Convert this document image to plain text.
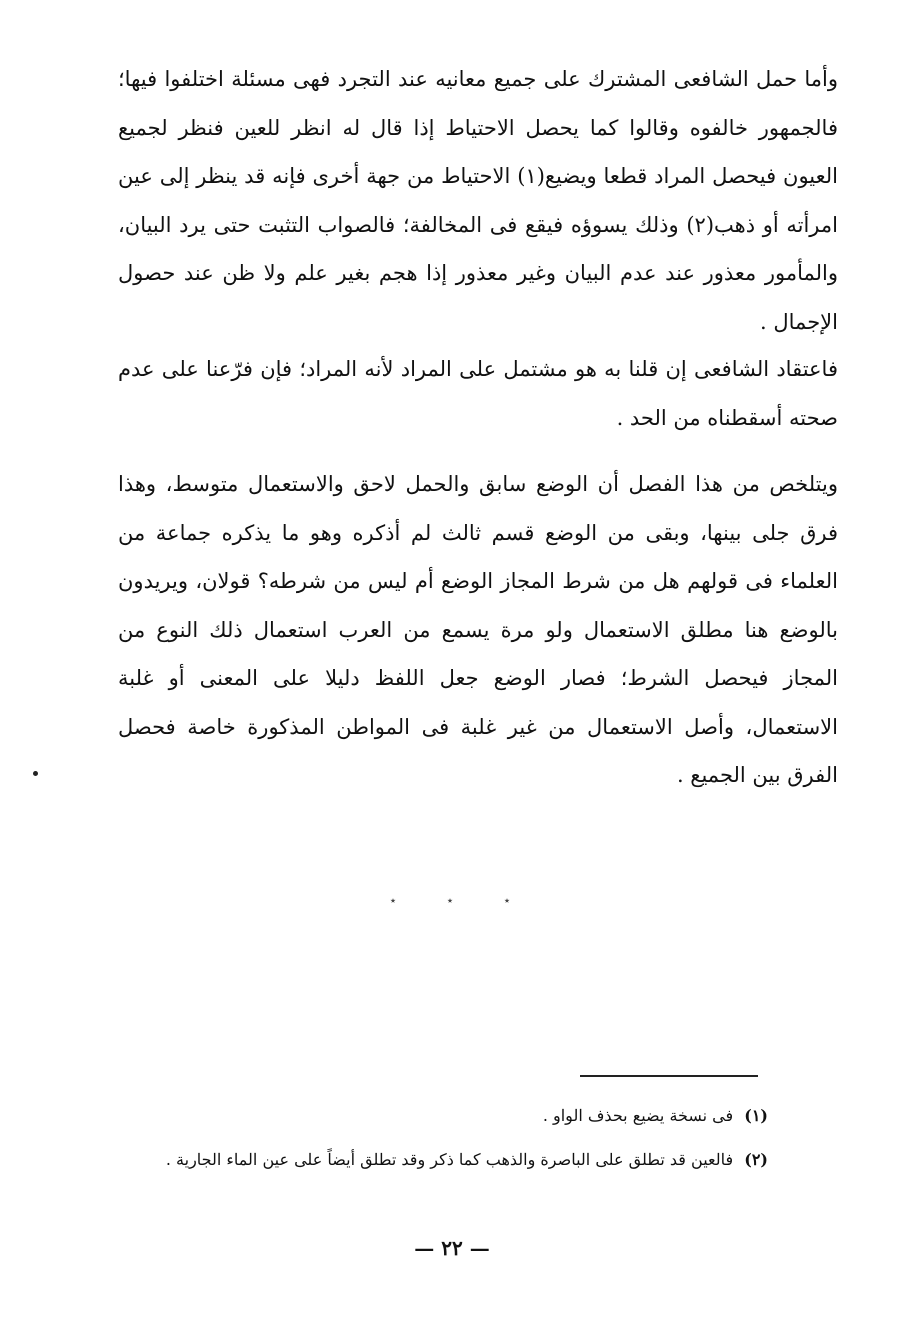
وأما حمل الشافعى المشترك على جميع معانيه عند التجرد فهى مسئلة اختلفوا فيها؛ فالجمهور خالفوه وقالوا كما يحصل الاحتياط إذا قال له انظر للعين فنظر لجميع العيون فيحصل المراد قطعا ويضيع(١) الاحتياط من جهة أخرى فإنه قد ينظر إلى عين امرأته أو ذهب(٢) وذلك يسوؤه فيقع فى المخالفة؛ فالصواب التثبت حتى يرد البيان، والمأمور معذور عند عدم البيان وغير معذور إذا هجم بغير علم ولا ظن عند حصول الإجمال .

فاعتقاد الشافعى إن قلنا به هو مشتمل على المراد لأنه المراد؛ فإن فرّعنا على عدم صحته أسقطناه من الحد .

ويتلخص من هذا الفصل أن الوضع سابق والحمل لاحق والاستعمال متوسط، وهذا فرق جلى بينها، وبقى من الوضع قسم ثالث لم أذكره وهو ما يذكره جماعة من العلماء فى قولهم هل من شرط المجاز الوضع أم ليس من شرطه؟ قولان، ويريدون بالوضع هنا مطلق الاستعمال ولو مرة يسمع من العرب استعمال ذلك النوع من المجاز فيحصل الشرط؛ فصار الوضع جعل اللفظ دليلا على المعنى أو غلبة الاستعمال، وأصل الاستعمال من غير غلبة فى المواطن المذكورة خاصة فحصل الفرق بين الجميع .

٭	٭	٭

(١) فى نسخة يضيع بحذف الواو .

(٢) فالعين قد تطلق على الباصرة والذهب كما ذكر وقد تطلق أيضاً على عين الماء الجارية .

— ٢٢ —
